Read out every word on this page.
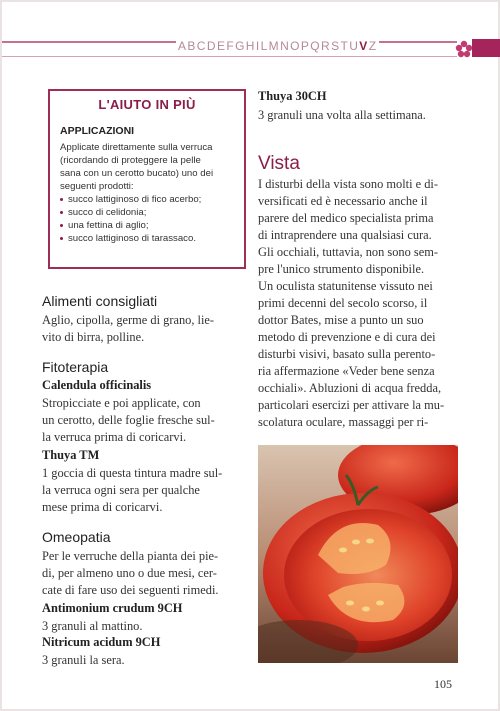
ABCDEFGHILMNOPQRSTUVZ
L'AIUTO IN PIÙ
APPLICAZIONI
Applicate direttamente sulla verruca
(ricordando di proteggere la pelle
sana con un cerotto bucato) uno dei
seguenti prodotti:
succo lattiginoso di fico acerbo;
succo di celidonia;
una fettina di aglio;
succo lattiginoso di tarassaco.
Alimenti consigliati
Aglio, cipolla, germe di grano, lie-
vito di birra, polline.
Fitoterapia
Calendula officinalis
Stropicciate e poi applicate, con
un cerotto, delle foglie fresche sul-
la verruca prima di coricarvi.
Thuya TM
1 goccia di questa tintura madre sul-
la verruca ogni sera per qualche
mese prima di coricarvi.
Omeopatia
Per le verruche della pianta dei pie-
di, per almeno uno o due mesi, cer-
cate di fare uso dei seguenti rimedi.
Antimonium crudum 9CH
3 granuli al mattino.
Nitricum acidum 9CH
3 granuli la sera.
Thuya 30CH
3 granuli una volta alla settimana.
Vista
I disturbi della vista sono molti e di-
versificati ed è necessario anche il
parere del medico specialista prima
di intraprendere una qualsiasi cura.
Gli occhiali, tuttavia, non sono sem-
pre l'unico strumento disponibile.
Un oculista statunitense vissuto nei
primi decenni del secolo scorso, il
dottor Bates, mise a punto un suo
metodo di prevenzione e di cura dei
disturbi visivi, basato sulla perento-
ria affermazione «Veder bene senza
occhiali». Abluzioni di acqua fredda,
particolari esercizi per attivare la mu-
scolatura oculare, massaggi per ri-
105
